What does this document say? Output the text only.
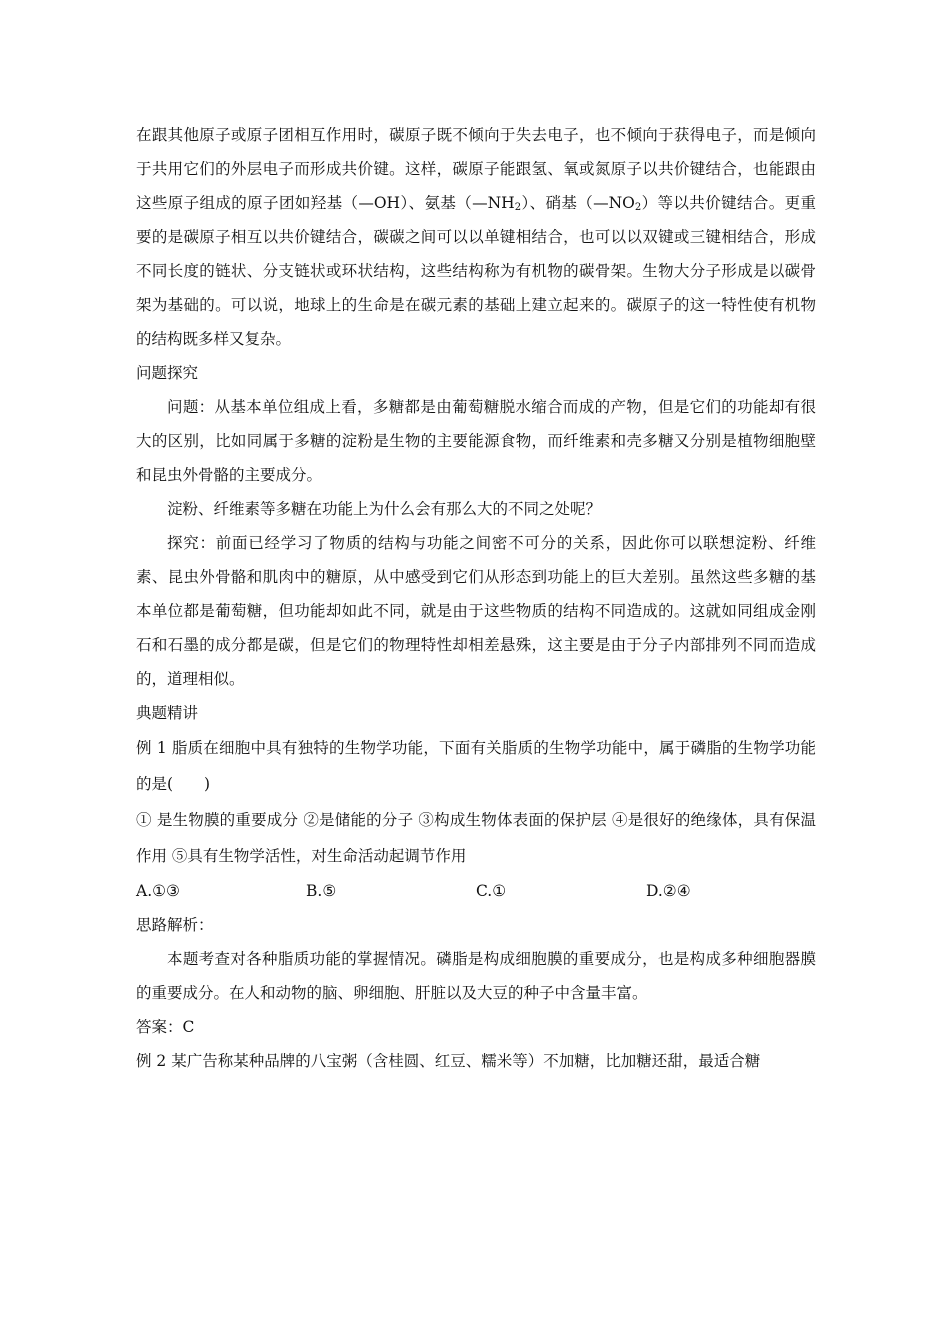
在跟其他原子或原子团相互作用时，碳原子既不倾向于失去电子，也不倾向于获得电子，而是倾向于共用它们的外层电子而形成共价键。这样，碳原子能跟氢、氧或氮原子以共价键结合，也能跟由这些原子组成的原子团如羟基（—OH）、氨基$(—NH_2)$、硝基$(—NO_2)$等以共价键结合。更重要的是碳原子相互以共价键结合，碳碳之间可以以单键相结合，也可以以双键或三键相结合，形成不同长度的链状、分支链状或环状结构，这些结构称为有机物的碳骨架。生物大分子形成是以碳骨架为基础的。可以说，地球上的生命是在碳元素的基础上建立起来的。碳原子的这一特性使有机物的结构既多样又复杂。

问题探究

问题：从基本单位组成上看，多糖都是由葡萄糖脱水缩合而成的产物，但是它们的功能却有很大的区别，比如同属于多糖的淀粉是生物的主要能源食物，而纤维素和壳多糖又分别是植物细胞壁和昆虫外骨骼的主要成分。

淀粉、纤维素等多糖在功能上为什么会有那么大的不同之处呢？

探究：前面已经学习了物质的结构与功能之间密不可分的关系，因此你可以联想淀粉、纤维素、昆虫外骨骼和肌肉中的糖原，从中感受到它们从形态到功能上的巨大差别。虽然这些多糖的基本单位都是葡萄糖，但功能却如此不同，就是由于这些物质的结构不同造成的。这就如同组成金刚石和石墨的成分都是碳，但是它们的物理特性却相差悬殊，这主要是由于分子内部排列不同而造成的，道理相似。

典题精讲

例 1 脂质在细胞中具有独特的生物学功能，下面有关脂质的生物学功能中，属于磷脂的生物学功能的是(　　)

① 是生物膜的重要成分 ②是储能的分子 ③构成生物体表面的保护层 ④是很好的绝缘体，具有保温作用 ⑤具有生物学活性，对生命活动起调节作用

A.①③	B.⑤	C.①	D.②④

思路解析：

本题考查对各种脂质功能的掌握情况。磷脂是构成细胞膜的重要成分，也是构成多种细胞器膜的重要成分。在人和动物的脑、卵细胞、肝脏以及大豆的种子中含量丰富。

答案：C

例 2 某广告称某种品牌的八宝粥（含桂圆、红豆、糯米等）不加糖，比加糖还甜，最适合糖
